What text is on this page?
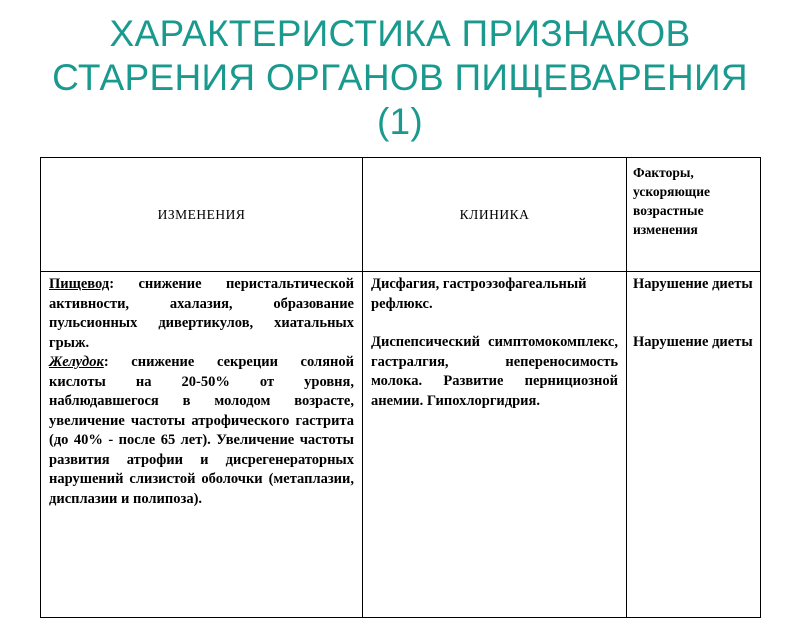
ХАРАКТЕРИСТИКА ПРИЗНАКОВ
СТАРЕНИЯ ОРГАНОВ ПИЩЕВАРЕНИЯ
(1)
ИЗМЕНЕНИЯ	КЛИНИКА
Факторы, ускоряющие возрастные изменения
Пищевод: снижение перистальтической активности, ахалазия, образование пульсионных дивертикулов, хиатальных грыж.
Желудок: снижение секреции соляной кислоты на 20-50% от уровня, наблюдавшегося в молодом возрасте, увеличение частоты атрофического гастрита (до 40% - после 65 лет). Увеличение частоты развития атрофии и дисрегенераторных нарушений слизистой оболочки (метаплазии, дисплазии и полипоза).
Дисфагия, гастроэзофагеальный рефлюкс.
Диспепсический симптомокомплекс, гастралгия, непереносимость молока. Развитие пернициозной анемии. Гипохлоргидрия.
Нарушение диеты
Нарушение диеты
